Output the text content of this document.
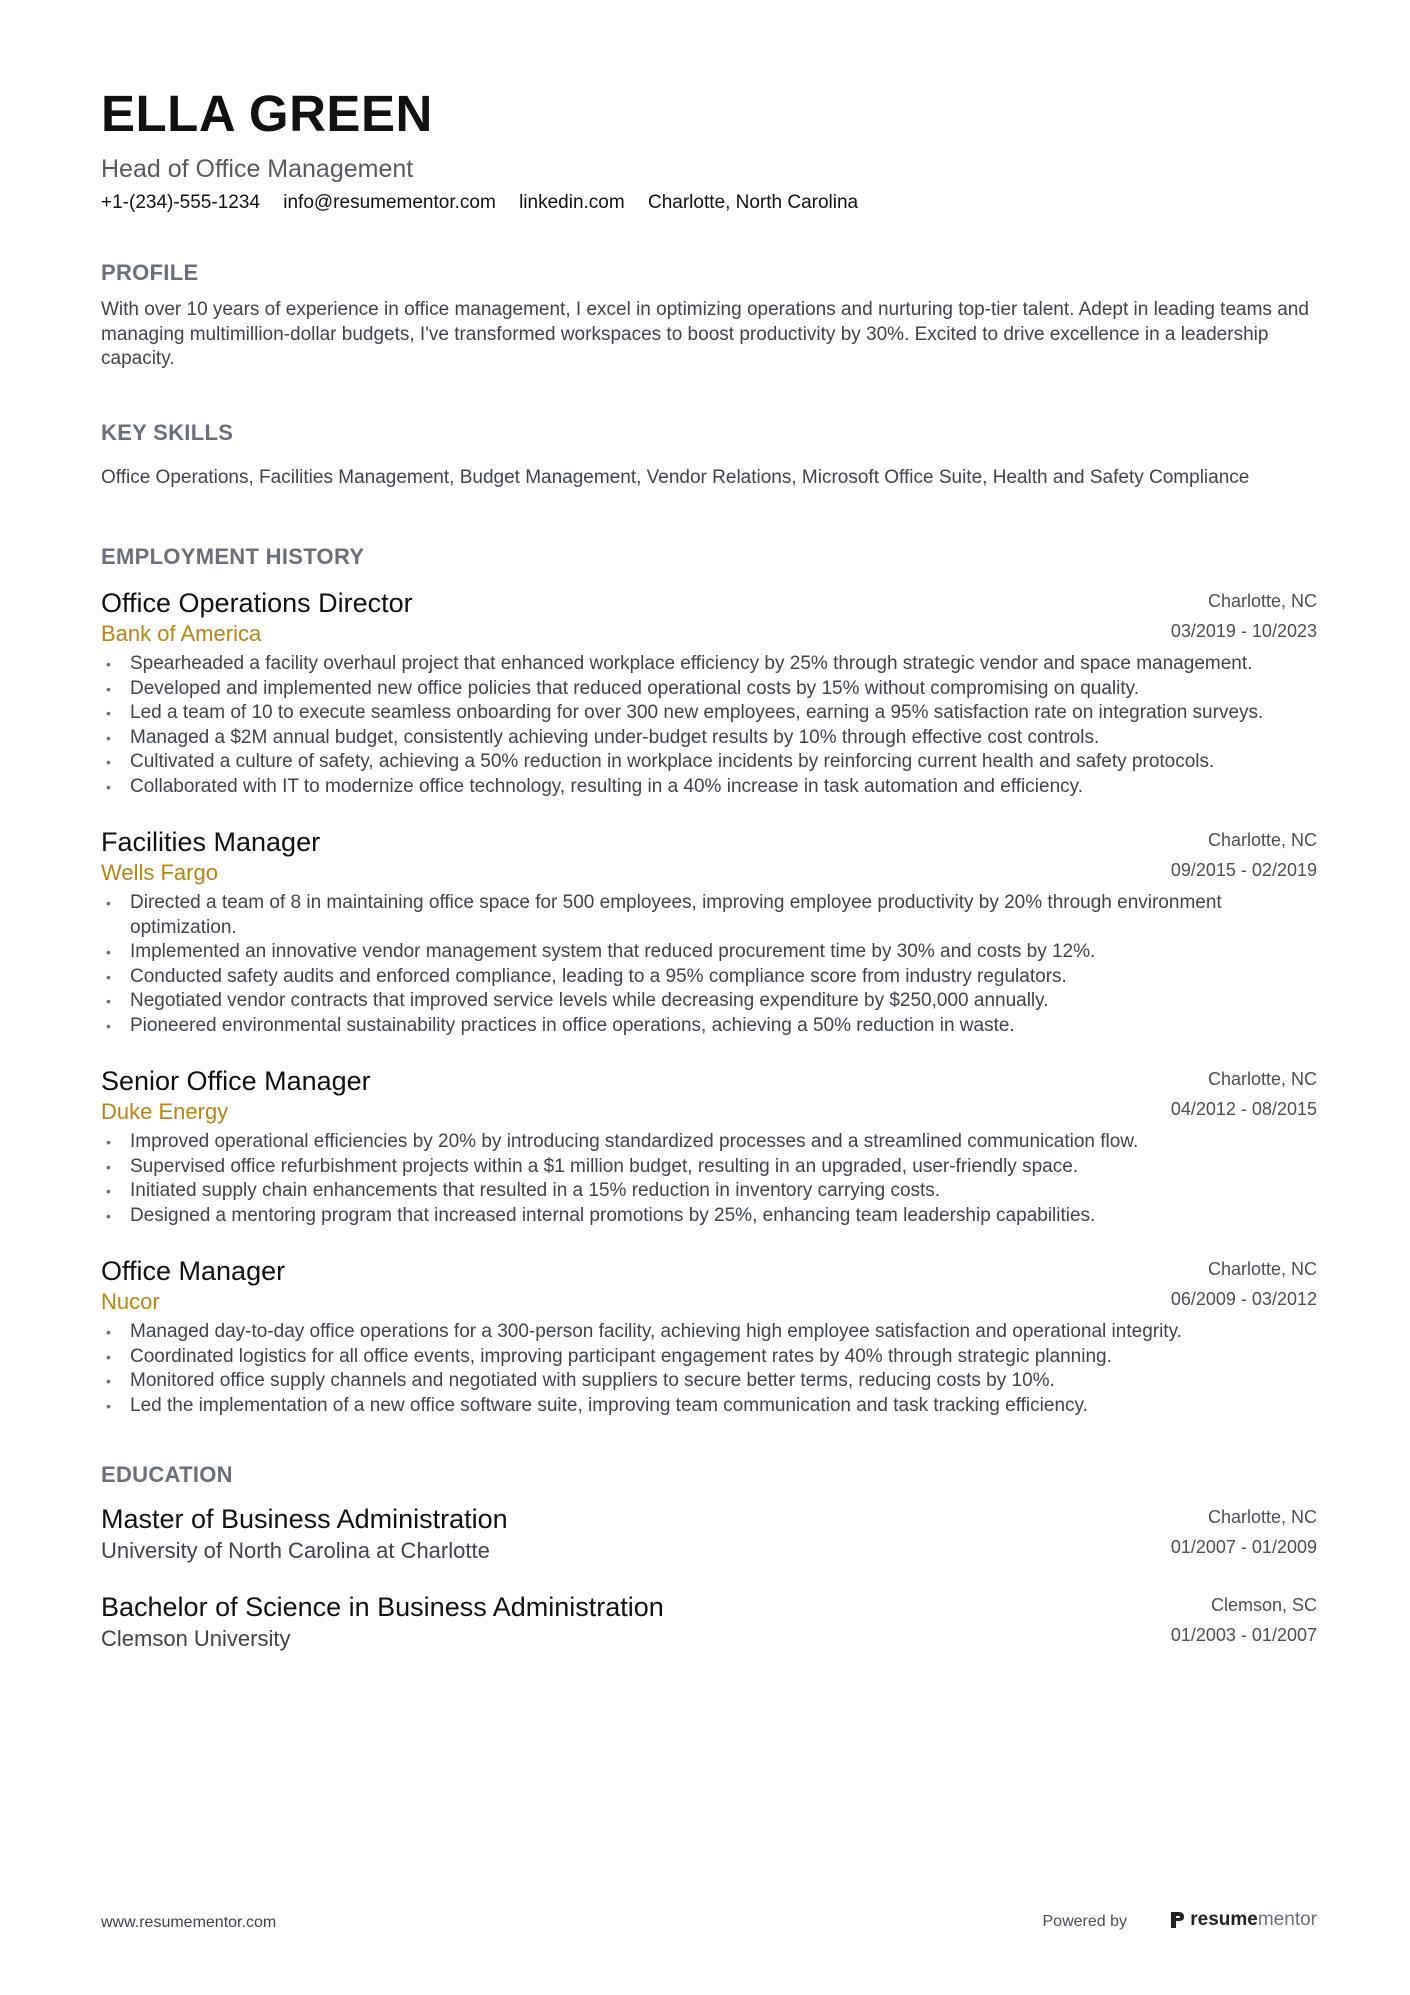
ELLA GREEN
Head of Office Management
+1-(234)-555-1234 info@resumementor.com linkedin.com Charlotte, North Carolina
PROFILE

With over 10 years of experience in office management, I excel in optimizing operations and nurturing top-tier talent. Adept in leading teams and managing multimillion-dollar budgets, I've transformed workspaces to boost productivity by 30%. Excited to drive excellence in a leadership capacity.

KEY SKILLS

Office Operations, Facilities Management, Budget Management, Vendor Relations, Microsoft Office Suite, Health and Safety Compliance

EMPLOYMENT HISTORY
Office Operations Director
Bank of America
Charlotte, NC
03/2019 - 10/2023
• Spearheaded a facility overhaul project that enhanced workplace efficiency by 25% through strategic vendor and space management.
• Developed and implemented new office policies that reduced operational costs by 15% without compromising on quality.
• Led a team of 10 to execute seamless onboarding for over 300 new employees, earning a 95% satisfaction rate on integration surveys.
• Managed a $2M annual budget, consistently achieving under-budget results by 10% through effective cost controls.
• Cultivated a culture of safety, achieving a 50% reduction in workplace incidents by reinforcing current health and safety protocols.
• Collaborated with IT to modernize office technology, resulting in a 40% increase in task automation and efficiency.
Facilities Manager
Wells Fargo
Charlotte, NC
09/2015 - 02/2019
• Directed a team of 8 in maintaining office space for 500 employees, improving employee productivity by 20% through environment optimization.
• Implemented an innovative vendor management system that reduced procurement time by 30% and costs by 12%.
• Conducted safety audits and enforced compliance, leading to a 95% compliance score from industry regulators.
• Negotiated vendor contracts that improved service levels while decreasing expenditure by $250,000 annually.
• Pioneered environmental sustainability practices in office operations, achieving a 50% reduction in waste.
Senior Office Manager
Duke Energy
Charlotte, NC
04/2012 - 08/2015
• Improved operational efficiencies by 20% by introducing standardized processes and a streamlined communication flow.
• Supervised office refurbishment projects within a $1 million budget, resulting in an upgraded, user-friendly space.
• Initiated supply chain enhancements that resulted in a 15% reduction in inventory carrying costs.
• Designed a mentoring program that increased internal promotions by 25%, enhancing team leadership capabilities.
Office Manager
Nucor
Charlotte, NC
06/2009 - 03/2012
• Managed day-to-day office operations for a 300-person facility, achieving high employee satisfaction and operational integrity.
• Coordinated logistics for all office events, improving participant engagement rates by 40% through strategic planning.
• Monitored office supply channels and negotiated with suppliers to secure better terms, reducing costs by 10%.
• Led the implementation of a new office software suite, improving team communication and task tracking efficiency.
EDUCATION
Master of Business Administration
University of North Carolina at Charlotte
Charlotte, NC
01/2007 - 01/2009
Bachelor of Science in Business Administration
Clemson University
Clemson, SC
01/2003 - 01/2007
www.resumementor.com	Powered by	resume mentor
